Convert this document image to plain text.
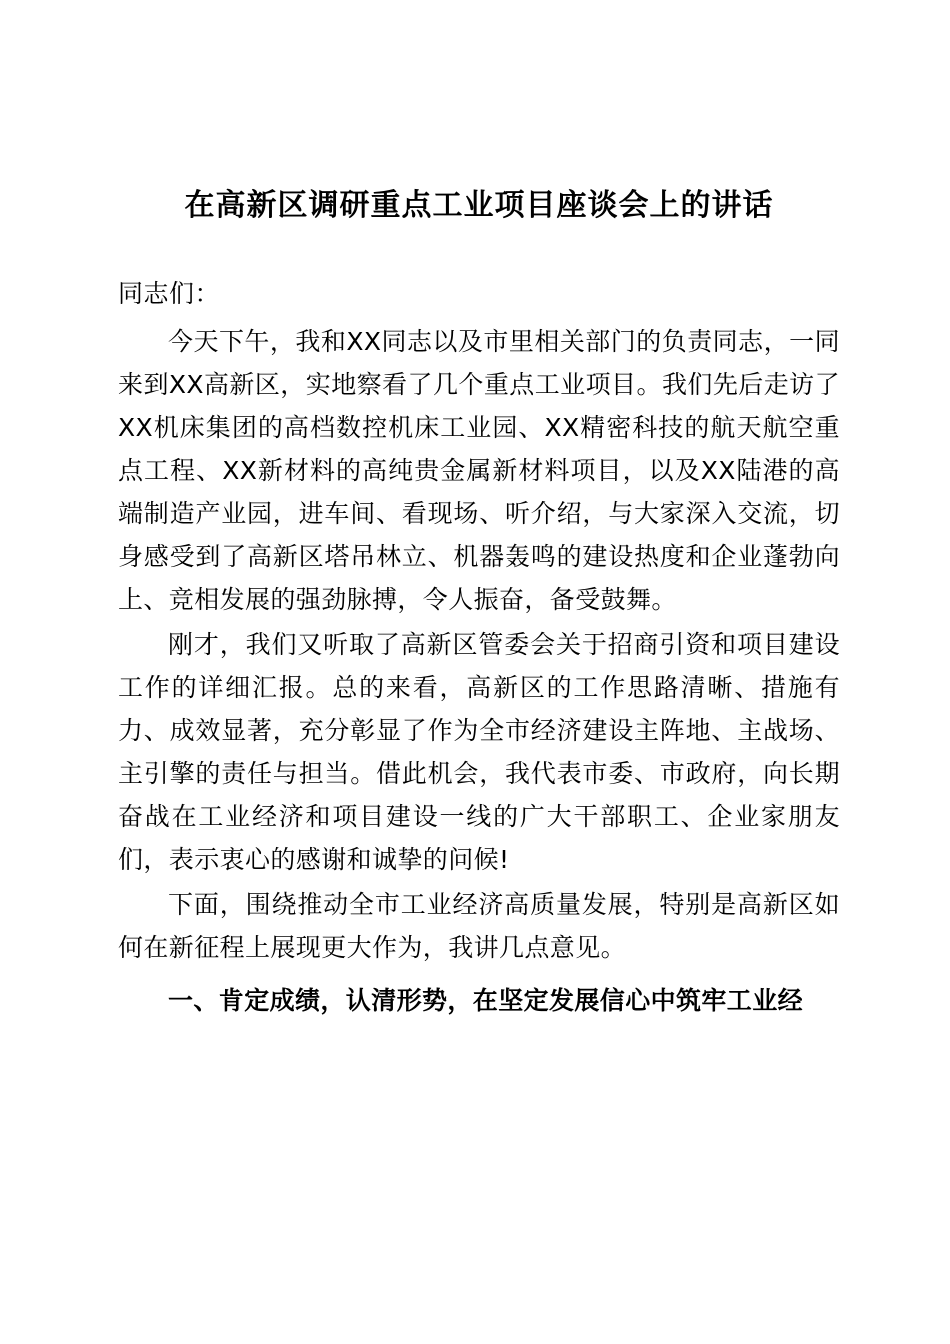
在高新区调研重点工业项目座谈会上的讲话

同志们：

今天下午，我和XX同志以及市里相关部门的负责同志，一同来到XX高新区，实地察看了几个重点工业项目。我们先后走访了XX机床集团的高档数控机床工业园、XX精密科技的航天航空重点工程、XX新材料的高纯贵金属新材料项目，以及XX陆港的高端制造产业园，进车间、看现场、听介绍，与大家深入交流，切身感受到了高新区塔吊林立、机器轰鸣的建设热度和企业蓬勃向上、竞相发展的强劲脉搏，令人振奋，备受鼓舞。

刚才，我们又听取了高新区管委会关于招商引资和项目建设工作的详细汇报。总的来看，高新区的工作思路清晰、措施有力、成效显著，充分彰显了作为全市经济建设主阵地、主战场、主引擎的责任与担当。借此机会，我代表市委、市政府，向长期奋战在工业经济和项目建设一线的广大干部职工、企业家朋友们，表示衷心的感谢和诚挚的问候!

下面，围绕推动全市工业经济高质量发展，特别是高新区如何在新征程上展现更大作为，我讲几点意见。

一、肯定成绩，认清形势，在坚定发展信心中筑牢工业经
